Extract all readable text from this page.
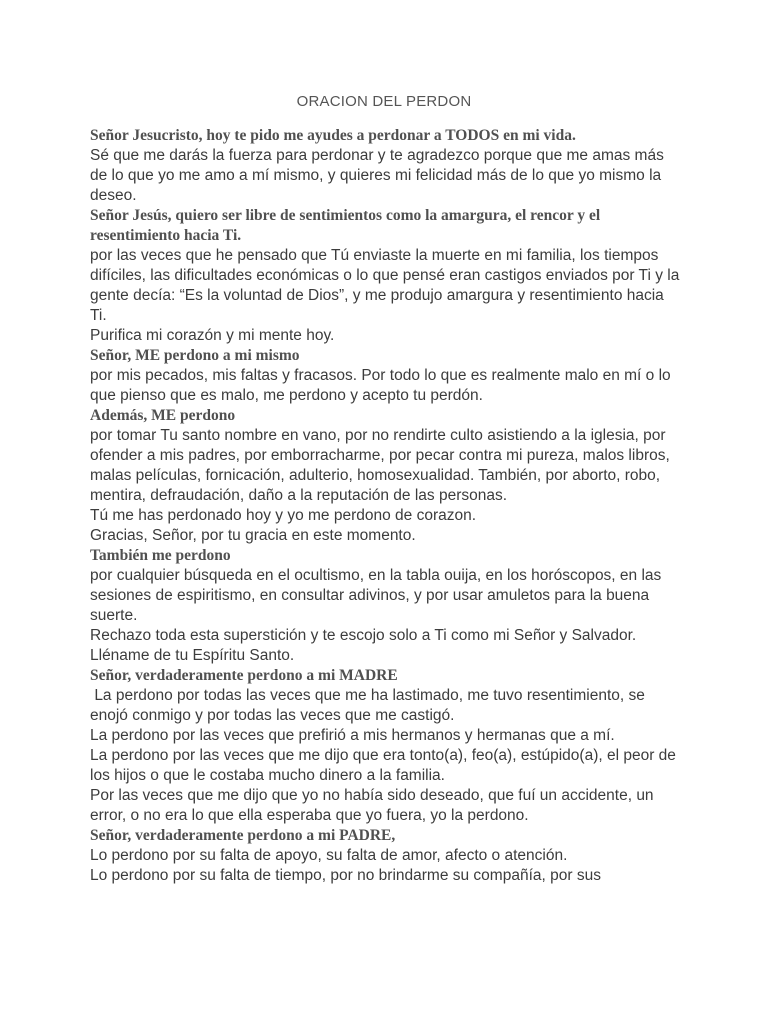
ORACION DEL PERDON

Señor Jesucristo, hoy te pido me ayudes a perdonar a TODOS en mi vida.

Sé que me darás la fuerza para perdonar y te agradezco porque que me amas más de lo que yo me amo a mí mismo, y quieres mi felicidad más de lo que yo mismo la deseo.

Señor Jesús, quiero ser libre de sentimientos como la amargura, el rencor y el resentimiento hacia Ti.

por las veces que he pensado que Tú enviaste la muerte en mi familia, los tiempos difíciles, las dificultades económicas o lo que pensé eran castigos enviados por Ti y la gente decía: “Es la voluntad de Dios”, y me produjo amargura y resentimiento hacia Ti.

Purifica mi corazón y mi mente hoy.

Señor, ME perdono a mi mismo

por mis pecados, mis faltas y fracasos. Por todo lo que es realmente malo en mí o lo que pienso que es malo, me perdono y acepto tu perdón.

Además, ME perdono

por tomar Tu santo nombre en vano, por no rendirte culto asistiendo a la iglesia, por ofender a mis padres, por emborracharme, por pecar contra mi pureza, malos libros, malas películas, fornicación, adulterio, homosexualidad. También, por aborto, robo, mentira, defraudación, daño a la reputación de las personas.

Tú me has perdonado hoy y yo me perdono de corazon.

Gracias, Señor, por tu gracia en este momento.

También me perdono

por cualquier búsqueda en el ocultismo, en la tabla ouija, en los horóscopos, en las sesiones de espiritismo, en consultar adivinos, y por usar amuletos para la buena suerte.

Rechazo toda esta superstición y te escojo solo a Ti como mi Señor y Salvador.

Lléname de tu Espíritu Santo.

Señor, verdaderamente perdono a mi MADRE

La perdono por todas las veces que me ha lastimado, me tuvo resentimiento, se enojó conmigo y por todas las veces que me castigó.

La perdono por las veces que prefirió a mis hermanos y hermanas que a mí.

La perdono por las veces que me dijo que era tonto(a), feo(a), estúpido(a), el peor de los hijos o que le costaba mucho dinero a la familia.

Por las veces que me dijo que yo no había sido deseado, que fuí un accidente, un error, o no era lo que ella esperaba que yo fuera, yo la perdono.

Señor, verdaderamente perdono a mi PADRE,

Lo perdono por su falta de apoyo, su falta de amor, afecto o atención.

Lo perdono por su falta de tiempo, por no brindarme su compañía, por sus
